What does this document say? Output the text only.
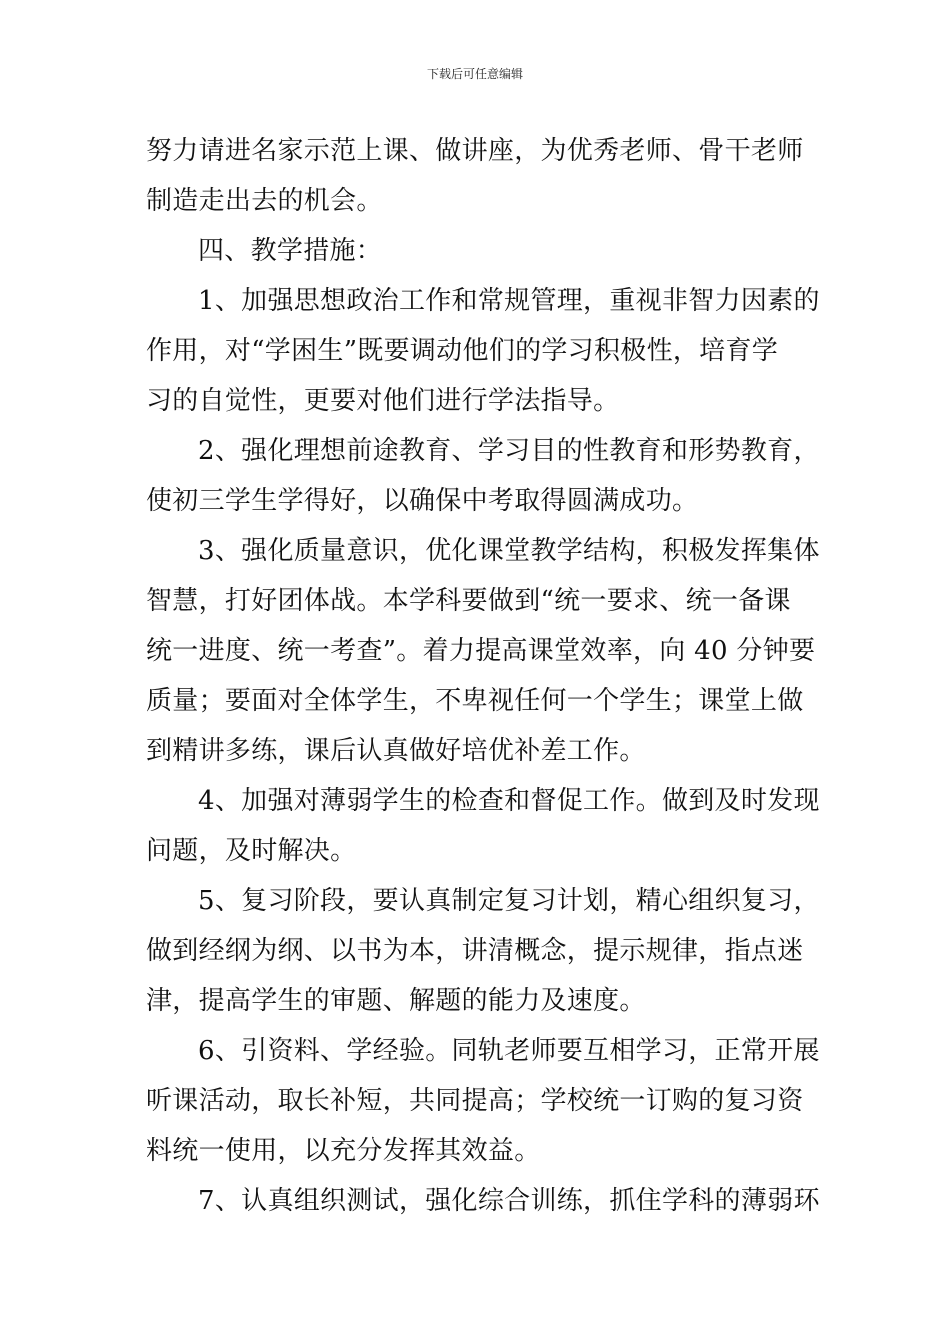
下载后可任意编辑
努力请进名家示范上课、做讲座，为优秀老师、骨干老师
制造走出去的机会。
四、教学措施：
1、加强思想政治工作和常规管理，重视非智力因素的
作用，对“学困生”既要调动他们的学习积极性，培育学
习的自觉性，更要对他们进行学法指导。
2、强化理想前途教育、学习目的性教育和形势教育，
使初三学生学得好，以确保中考取得圆满成功。
3、强化质量意识，优化课堂教学结构，积极发挥集体
智慧，打好团体战。本学科要做到“统一要求、统一备课
统一进度、统一考查”。着力提高课堂效率，向 40 分钟要
质量；要面对全体学生，不卑视任何一个学生；课堂上做
到精讲多练，课后认真做好培优补差工作。
4、加强对薄弱学生的检查和督促工作。做到及时发现
问题，及时解决。
5、复习阶段，要认真制定复习计划，精心组织复习，
做到经纲为纲、以书为本，讲清概念，提示规律，指点迷
津，提高学生的审题、解题的能力及速度。
6、引资料、学经验。同轨老师要互相学习，正常开展
听课活动，取长补短，共同提高；学校统一订购的复习资
料统一使用，以充分发挥其效益。
7、认真组织测试，强化综合训练，抓住学科的薄弱环
